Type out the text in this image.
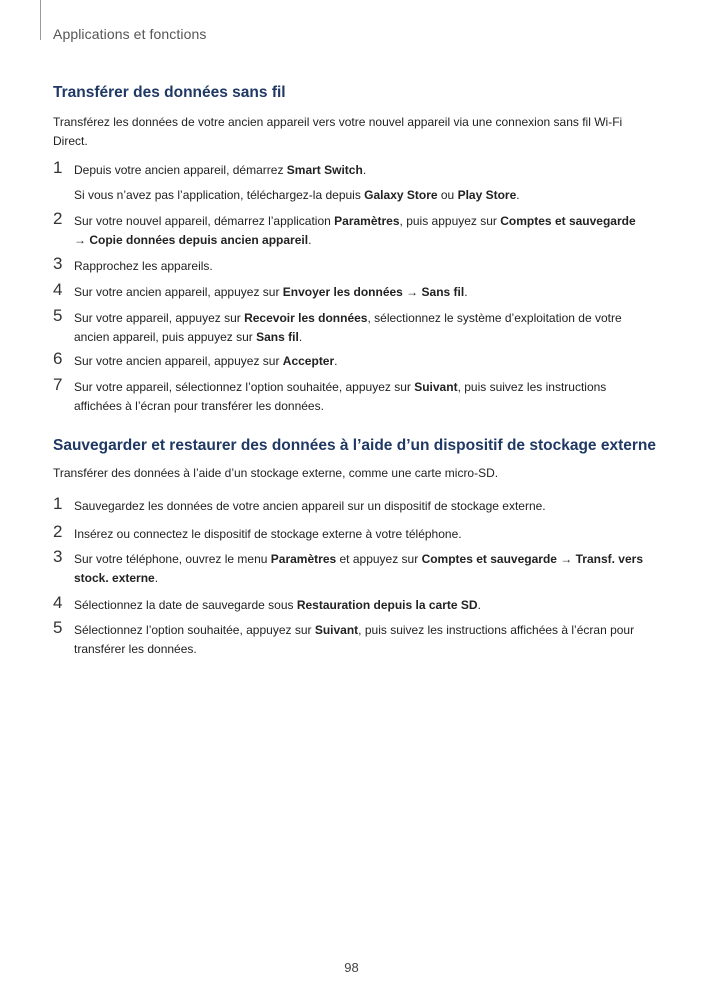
Applications et fonctions
Transférer des données sans fil
Transférez les données de votre ancien appareil vers votre nouvel appareil via une connexion sans fil Wi-Fi Direct.
1 Depuis votre ancien appareil, démarrez Smart Switch.
Si vous n’avez pas l’application, téléchargez-la depuis Galaxy Store ou Play Store.
2 Sur votre nouvel appareil, démarrez l’application Paramètres, puis appuyez sur Comptes et sauvegarde
→ Copie données depuis ancien appareil.
3 Rapprochez les appareils.
4 Sur votre ancien appareil, appuyez sur Envoyer les données → Sans fil.
5 Sur votre appareil, appuyez sur Recevoir les données, sélectionnez le système d’exploitation de votre ancien appareil, puis appuyez sur Sans fil.
6 Sur votre ancien appareil, appuyez sur Accepter.
7 Sur votre appareil, sélectionnez l’option souhaitée, appuyez sur Suivant, puis suivez les instructions affichées à l’écran pour transférer les données.
Sauvegarder et restaurer des données à l’aide d’un dispositif de stockage externe
Transférer des données à l’aide d’un stockage externe, comme une carte micro-SD.
1 Sauvegardez les données de votre ancien appareil sur un dispositif de stockage externe.
2 Insérez ou connectez le dispositif de stockage externe à votre téléphone.
3 Sur votre téléphone, ouvrez le menu Paramètres et appuyez sur Comptes et sauvegarde → Transf. vers stock. externe.
4 Sélectionnez la date de sauvegarde sous Restauration depuis la carte SD.
5 Sélectionnez l’option souhaitée, appuyez sur Suivant, puis suivez les instructions affichées à l’écran pour transférer les données.
98
